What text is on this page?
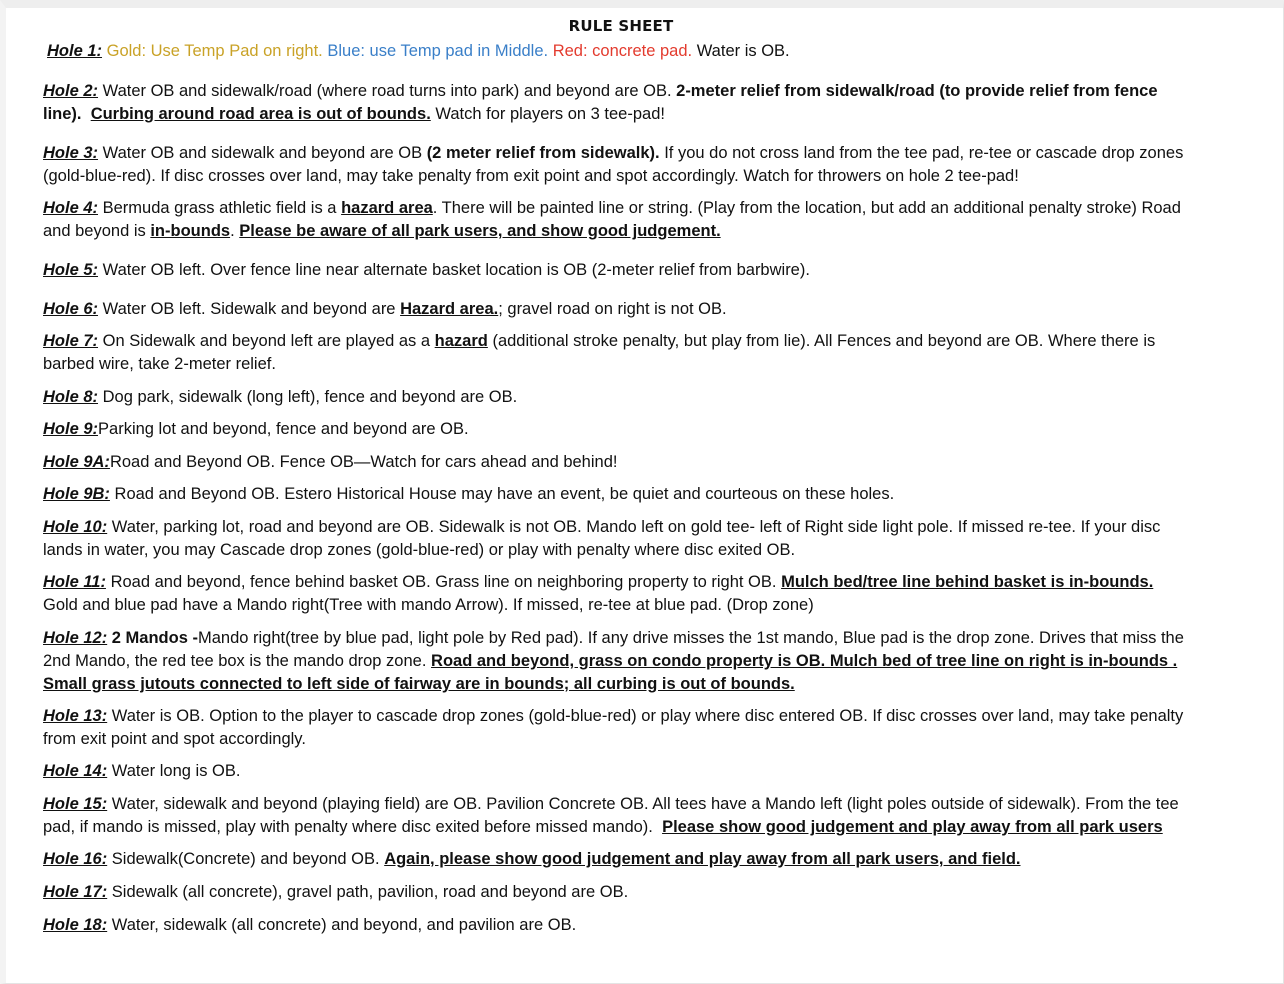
RULE SHEET
Hole 1: Gold: Use Temp Pad on right. Blue: use Temp pad in Middle. Red: concrete pad. Water is OB.
Hole 2: Water OB and sidewalk/road (where road turns into park) and beyond are OB. 2-meter relief from sidewalk/road (to provide relief from fence
line). Curbing around road area is out of bounds. Watch for players on 3 tee-pad!
Hole 3: Water OB and sidewalk and beyond are OB (2 meter relief from sidewalk). If you do not cross land from the tee pad, re-tee or cascade drop zones
(gold-blue-red). If disc crosses over land, may take penalty from exit point and spot accordingly. Watch for throwers on hole 2 tee-pad!
Hole 4: Bermuda grass athletic field is a hazard area. There will be painted line or string. (Play from the location, but add an additional penalty stroke) Road
and beyond is in-bounds. Please be aware of all park users, and show good judgement.
Hole 5: Water OB left. Over fence line near alternate basket location is OB (2-meter relief from barbwire).
Hole 6: Water OB left. Sidewalk and beyond are Hazard area.; gravel road on right is not OB.
Hole 7: On Sidewalk and beyond left are played as a hazard (additional stroke penalty, but play from lie). All Fences and beyond are OB. Where there is
barbed wire, take 2-meter relief.
Hole 8: Dog park, sidewalk (long left), fence and beyond are OB.
Hole 9:Parking lot and beyond, fence and beyond are OB.
Hole 9A:Road and Beyond OB. Fence OB—Watch for cars ahead and behind!
Hole 9B: Road and Beyond OB. Estero Historical House may have an event, be quiet and courteous on these holes.
Hole 10: Water, parking lot, road and beyond are OB. Sidewalk is not OB. Mando left on gold tee- left of Right side light pole. If missed re-tee. If your disc
lands in water, you may Cascade drop zones (gold-blue-red) or play with penalty where disc exited OB.
Hole 11: Road and beyond, fence behind basket OB. Grass line on neighboring property to right OB. Mulch bed/tree line behind basket is in-bounds.
Gold and blue pad have a Mando right(Tree with mando Arrow). If missed, re-tee at blue pad. (Drop zone)
Hole 12: 2 Mandos -Mando right(tree by blue pad, light pole by Red pad). If any drive misses the 1st mando, Blue pad is the drop zone. Drives that miss the
2nd Mando, the red tee box is the mando drop zone. Road and beyond, grass on condo property is OB. Mulch bed of tree line on right is in-bounds .
Small grass jutouts connected to left side of fairway are in bounds; all curbing is out of bounds.
Hole 13: Water is OB. Option to the player to cascade drop zones (gold-blue-red) or play where disc entered OB. If disc crosses over land, may take penalty
from exit point and spot accordingly.
Hole 14: Water long is OB.
Hole 15: Water, sidewalk and beyond (playing field) are OB. Pavilion Concrete OB. All tees have a Mando left (light poles outside of sidewalk). From the tee
pad, if mando is missed, play with penalty where disc exited before missed mando). Please show good judgement and play away from all park users
Hole 16: Sidewalk(Concrete) and beyond OB. Again, please show good judgement and play away from all park users, and field.
Hole 17: Sidewalk (all concrete), gravel path, pavilion, road and beyond are OB.
Hole 18: Water, sidewalk (all concrete) and beyond, and pavilion are OB.
